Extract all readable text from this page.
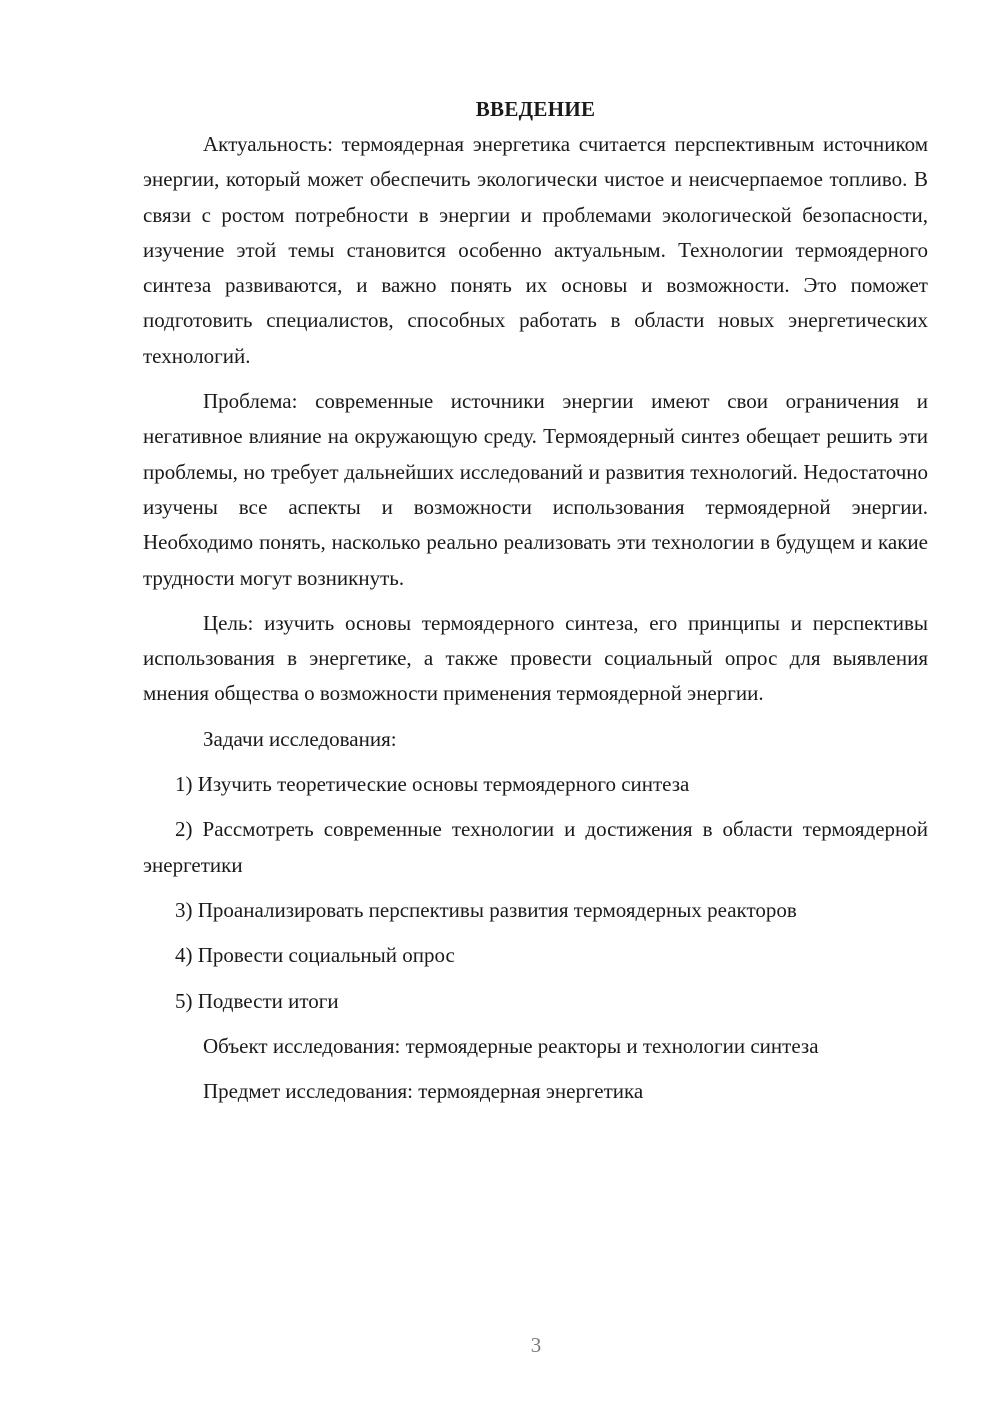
ВВЕДЕНИЕ

Актуальность: термоядерная энергетика считается перспективным источником энергии, который может обеспечить экологически чистое и неисчерпаемое топливо. В связи с ростом потребности в энергии и проблемами экологической безопасности, изучение этой темы становится особенно актуальным. Технологии термоядерного синтеза развиваются, и важно понять их основы и возможности. Это поможет подготовить специалистов, способных работать в области новых энергетических технологий.

Проблема: современные источники энергии имеют свои ограничения и негативное влияние на окружающую среду. Термоядерный синтез обещает решить эти проблемы, но требует дальнейших исследований и развития технологий. Недостаточно изучены все аспекты и возможности использования термоядерной энергии. Необходимо понять, насколько реально реализовать эти технологии в будущем и какие трудности могут возникнуть.

Цель: изучить основы термоядерного синтеза, его принципы и перспективы использования в энергетике, а также провести социальный опрос для выявления мнения общества о возможности применения термоядерной энергии.

Задачи исследования:

1) Изучить теоретические основы термоядерного синтеза

2) Рассмотреть современные технологии и достижения в области термоядерной энергетики

3) Проанализировать перспективы развития термоядерных реакторов

4) Провести социальный опрос

5) Подвести итоги

Объект исследования: термоядерные реакторы и технологии синтеза

Предмет исследования: термоядерная энергетика

3
